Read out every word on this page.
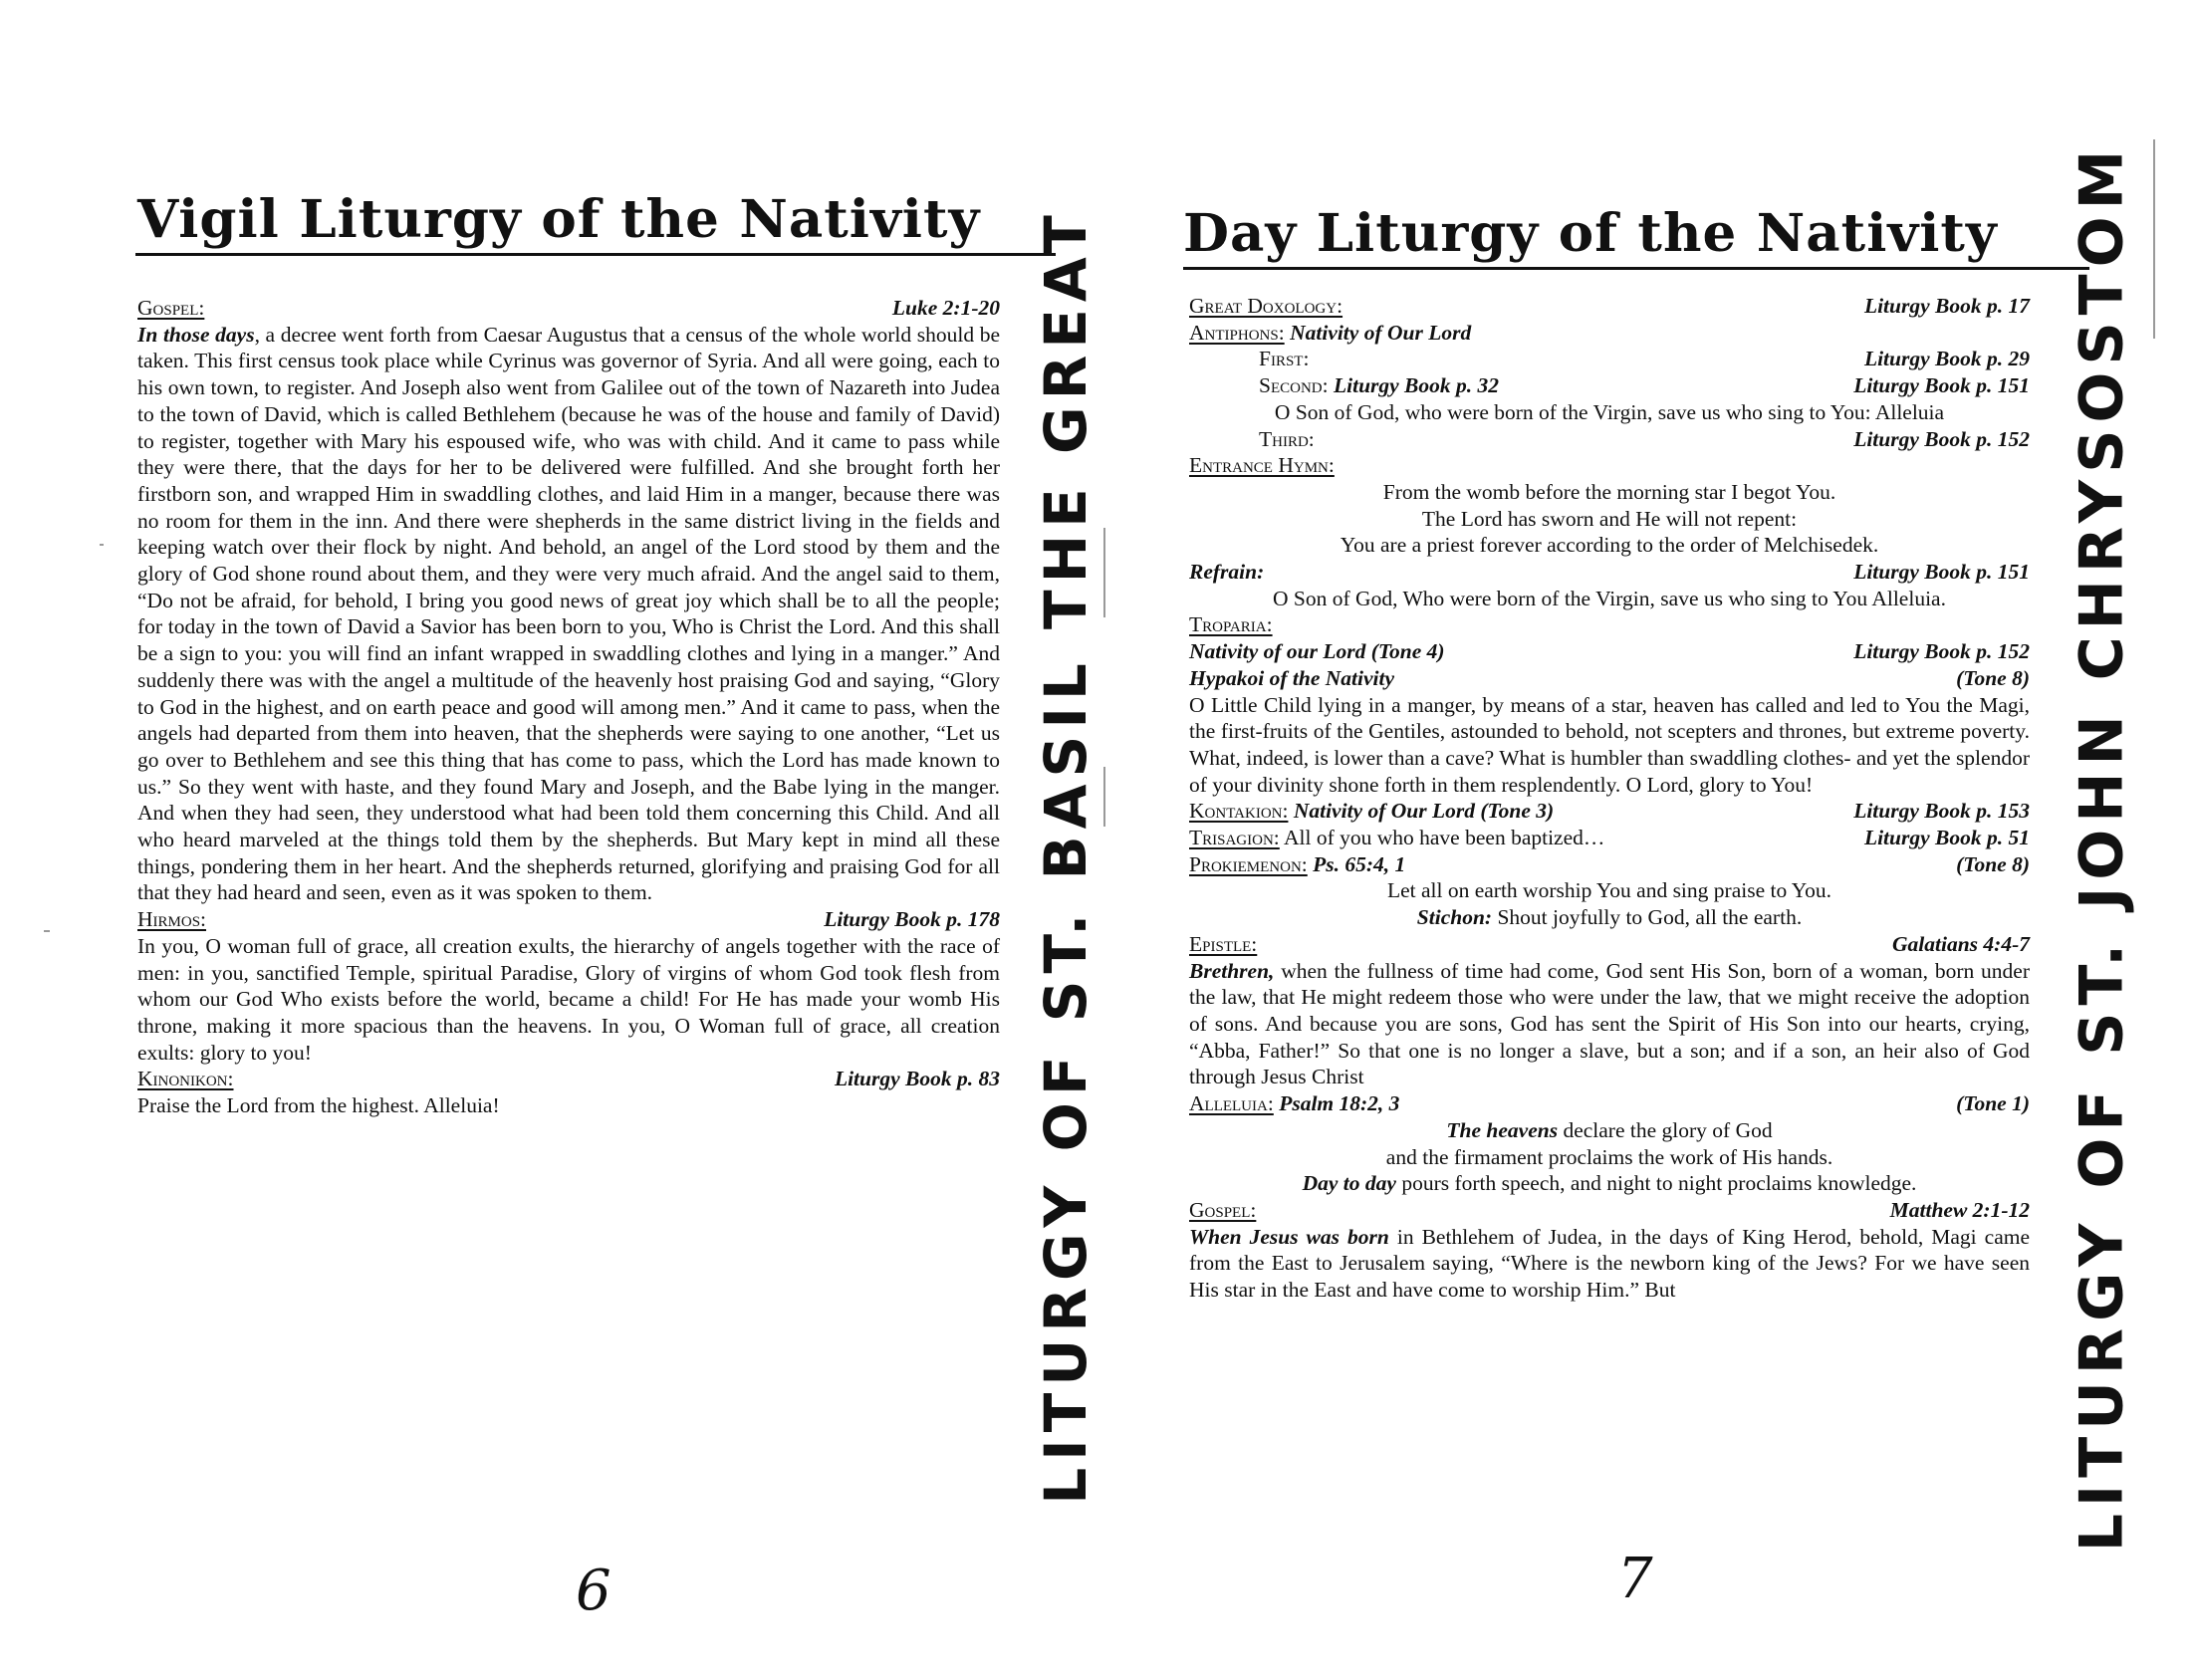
Vigil Liturgy of the Nativity
Gospel:	Luke 2:1-20

In those days, a decree went forth from Caesar Augustus that a census of the whole world should be taken. This first census took place while Cyrinus was governor of Syria. And all were going, each to his own town, to register. And Joseph also went from Galilee out of the town of Nazareth into Judea to the town of David, which is called Bethlehem (because he was of the house and family of David) to register, together with Mary his espoused wife, who was with child. And it came to pass while they were there, that the days for her to be delivered were fulfilled. And she brought forth her firstborn son, and wrapped Him in swaddling clothes, and laid Him in a manger, because there was no room for them in the inn. And there were shepherds in the same district living in the fields and keeping watch over their flock by night. And behold, an angel of the Lord stood by them and the glory of God shone round about them, and they were very much afraid. And the angel said to them, “Do not be afraid, for behold, I bring you good news of great joy which shall be to all the people; for today in the town of David a Savior has been born to you, Who is Christ the Lord. And this shall be a sign to you: you will find an infant wrapped in swaddling clothes and lying in a manger.” And suddenly there was with the angel a multitude of the heavenly host praising God and saying, “Glory to God in the highest, and on earth peace and good will among men.” And it came to pass, when the angels had departed from them into heaven, that the shepherds were saying to one another, “Let us go over to Bethlehem and see this thing that has come to pass, which the Lord has made known to us.” So they went with haste, and they found Mary and Joseph, and the Babe lying in the manger. And when they had seen, they understood what had been told them concerning this Child. And all who heard marveled at the things told them by the shepherds. But Mary kept in mind all these things, pondering them in her heart. And the shepherds returned, glorifying and praising God for all that they had heard and seen, even as it was spoken to them.

Hirmos:	Liturgy Book p. 178

In you, O woman full of grace, all creation exults, the hierarchy of angels together with the race of men: in you, sanctified Temple, spiritual Paradise, Glory of virgins of whom God took flesh from whom our God Who exists before the world, became a child! For He has made your womb His throne, making it more spacious than the heavens. In you, O Woman full of grace, all creation exults: glory to you!

Kinonikon:	Liturgy Book p. 83

Praise the Lord from the highest. Alleluia!	LITURGY OF ST. BASIL THE GREAT
6
Day Liturgy of the Nativity
Great Doxology:	Liturgy Book p. 17
Antiphons: Nativity of Our Lord
First:	Liturgy Book p. 29
Second: Liturgy Book p. 32	Liturgy Book p. 151

O Son of God, who were born of the Virgin, save us who sing to You: Alleluia

Third:	Liturgy Book p. 152
Entrance Hymn:

From the womb before the morning star I begot You.

The Lord has sworn and He will not repent:

You are a priest forever according to the order of Melchisedek.

Refrain:	Liturgy Book p. 151

O Son of God, Who were born of the Virgin, save us who sing to You Alleluia.

Troparia:
Nativity of our Lord (Tone 4)	Liturgy Book p. 152
Hypakoi of the Nativity	(Tone 8)

O Little Child lying in a manger, by means of a star, heaven has called and led to You the Magi, the first-fruits of the Gentiles, astounded to behold, not scepters and thrones, but extreme poverty. What, indeed, is lower than a cave? What is humbler than swaddling clothes- and yet the splendor of your divinity shone forth in them resplendently. O Lord, glory to You!

Kontakion: Nativity of Our Lord (Tone 3)	Liturgy Book p. 153
Trisagion: All of you who have been baptized…	Liturgy Book p. 51
Prokiemenon: Ps. 65:4, 1	(Tone 8)

Let all on earth worship You and sing praise to You.

Stichon: Shout joyfully to God, all the earth.

Epistle:	Galatians 4:4-7

Brethren, when the fullness of time had come, God sent His Son, born of a woman, born under the law, that He might redeem those who were under the law, that we might receive the adoption of sons. And because you are sons, God has sent the Spirit of His Son into our hearts, crying, “Abba, Father!” So that one is no longer a slave, but a son; and if a son, an heir also of God through Jesus Christ

Alleluia: Psalm 18:2, 3	(Tone 1)

The heavens declare the glory of God

and the firmament proclaims the work of His hands.

Day to day pours forth speech, and night to night proclaims knowledge.

Gospel:	Matthew 2:1-12

When Jesus was born in Bethlehem of Judea, in the days of King Herod, behold, Magi came from the East to Jerusalem saying, “Where is the newborn king of the Jews? For we have seen His star in the East and have come to worship Him.” But	LITURGY OF ST. JOHN CHRYSOSTOM
7
